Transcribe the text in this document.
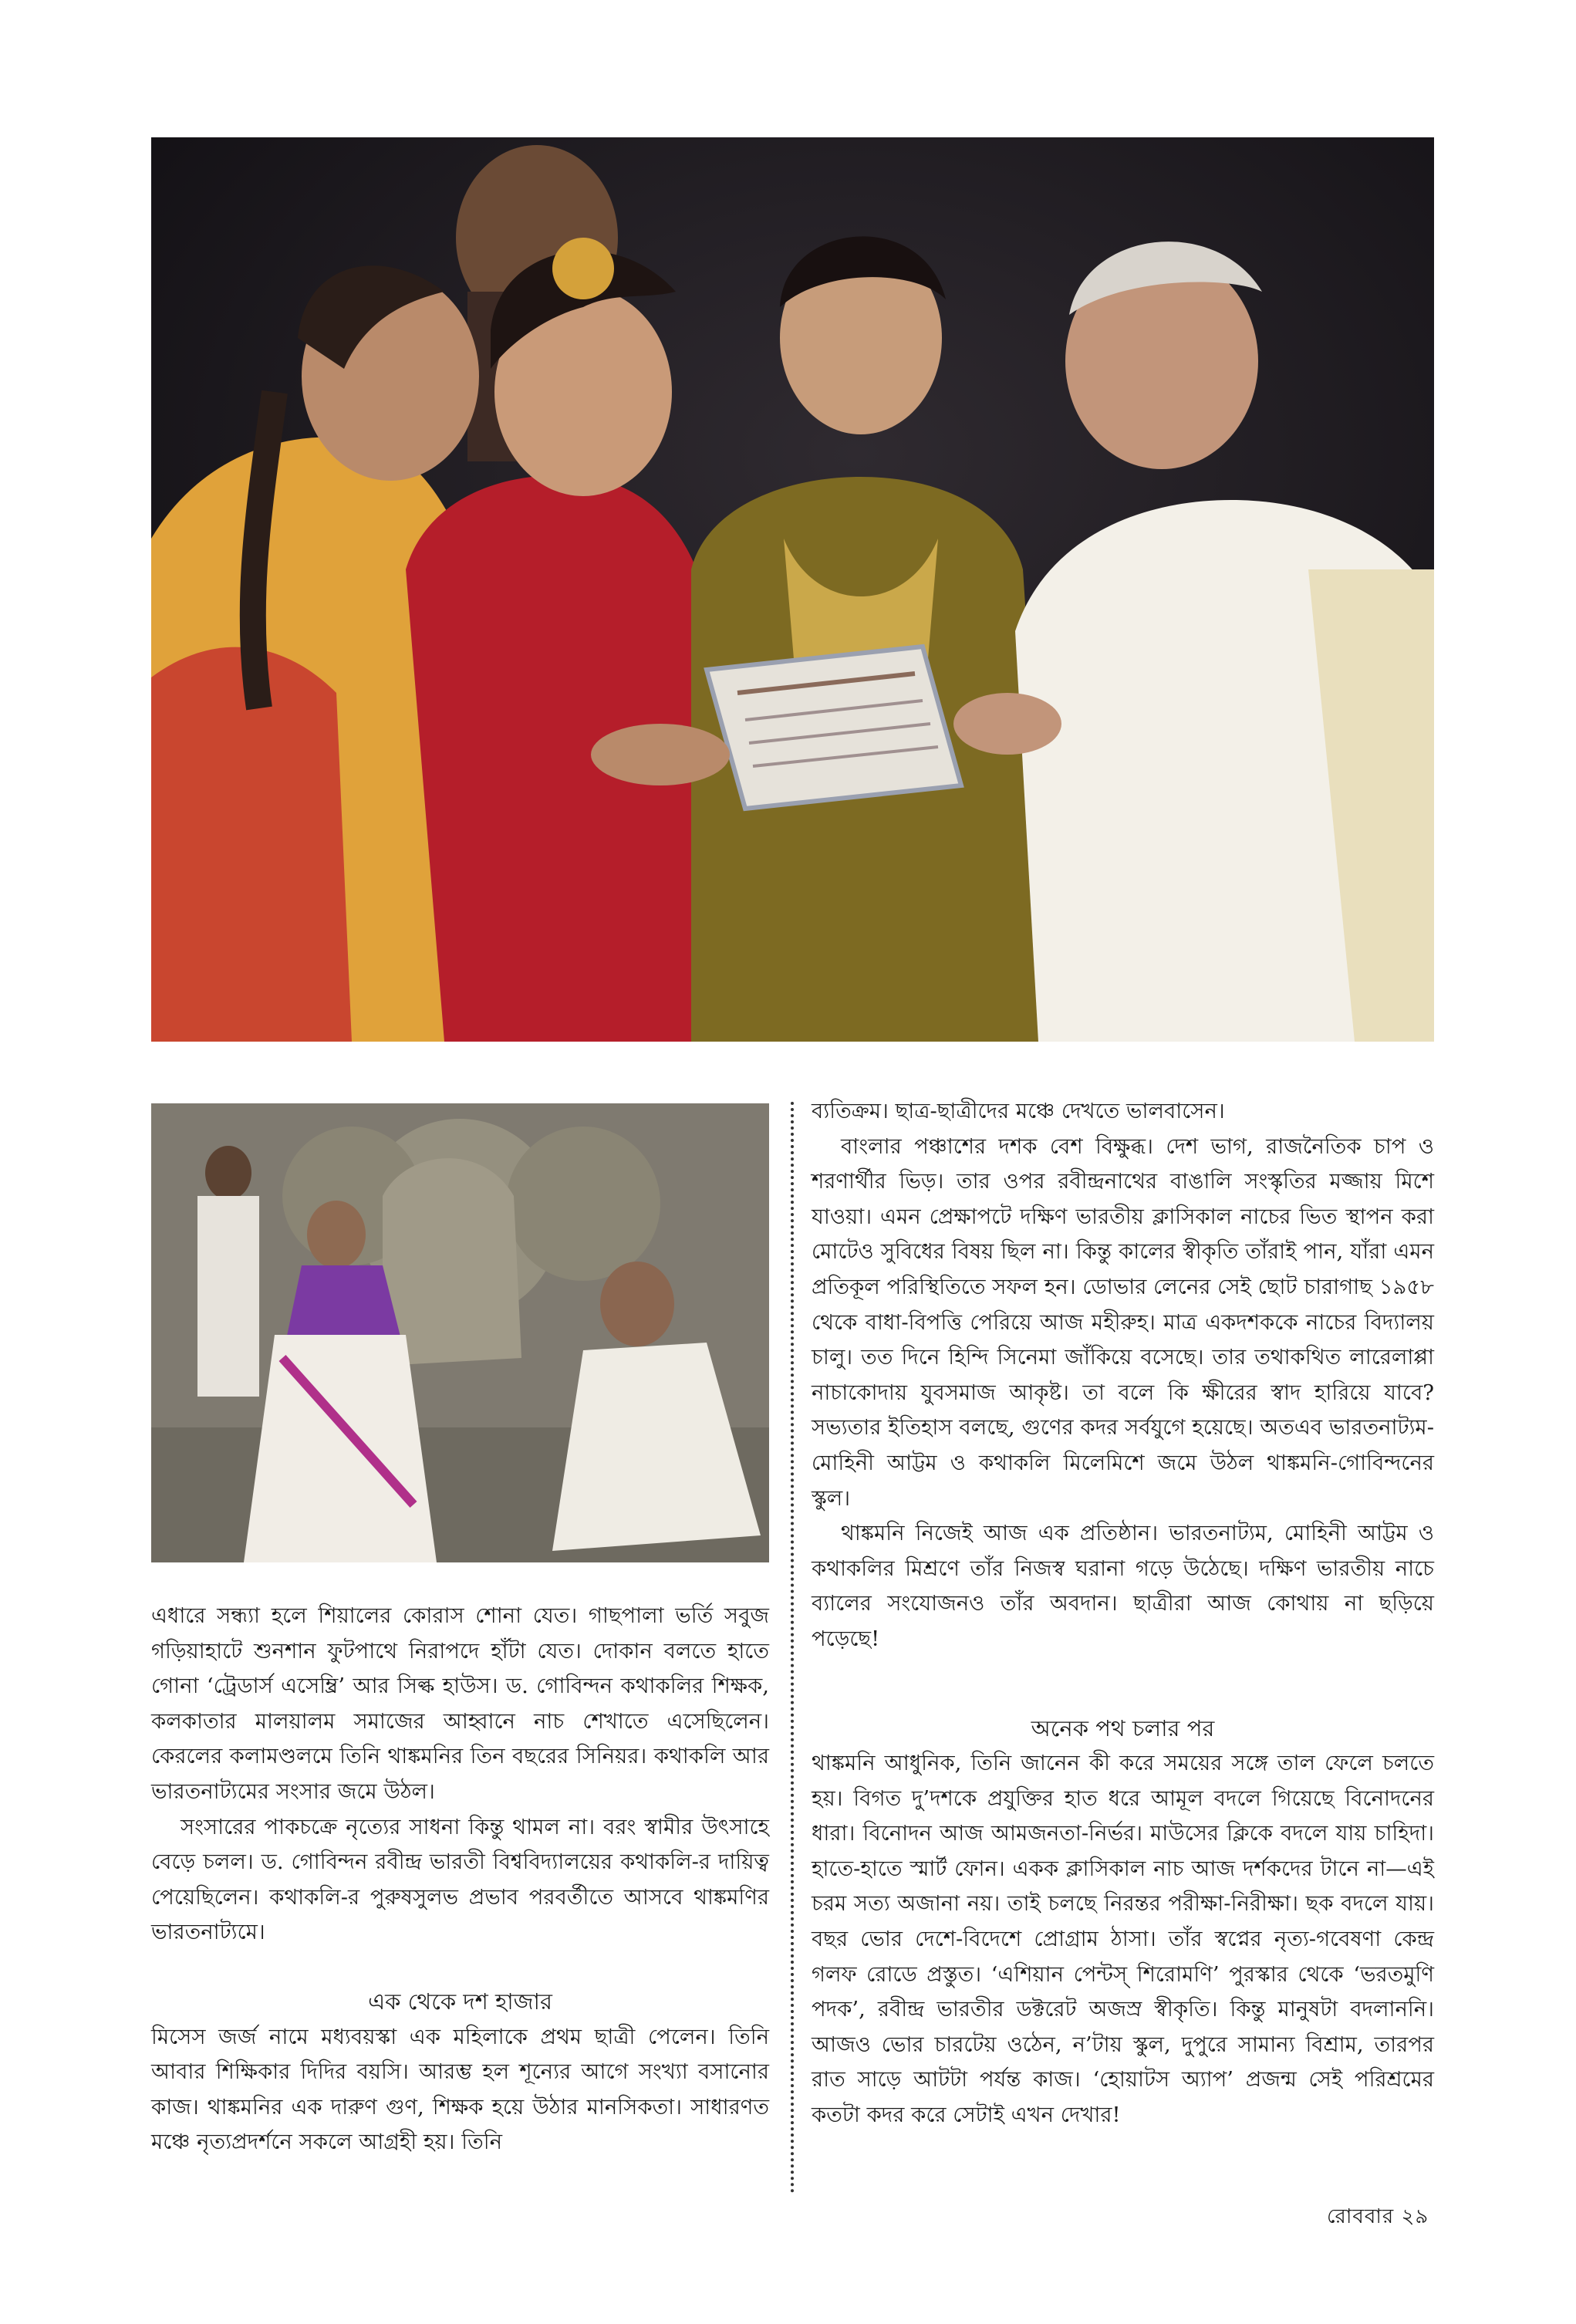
এধারে সন্ধ্যা হলে শিয়ালের কোরাস শোনা যেত। গাছপালা ভর্তি সবুজ গড়িয়াহাটে শুনশান ফুটপাথে নিরাপদে হাঁটা যেত। দোকান বলতে হাতে গোনা ‘ট্রেডার্স এসেম্ব্রি’ আর সিল্ক হাউস। ড. গোবিন্দন কথাকলির শিক্ষক, কলকাতার মালয়ালম সমাজের আহ্বানে নাচ শেখাতে এসেছিলেন। কেরলের কলামণ্ডলমে তিনি থাঙ্কমনির তিন বছরের সিনিয়র। কথাকলি আর ভারতনাট্যমের সংসার জমে উঠল।

সংসারের পাকচক্রে নৃত্যের সাধনা কিন্তু থামল না। বরং স্বামীর উৎসাহে বেড়ে চলল। ড. গোবিন্দন রবীন্দ্র ভারতী বিশ্ববিদ্যালয়ের কথাকলি-র দায়িত্ব পেয়েছিলেন। কথাকলি-র পুরুষসুলভ প্রভাব পরবর্তীতে আসবে থাঙ্কমণির ভারতনাট্যমে।

এক থেকে দশ হাজার

মিসেস জর্জ নামে মধ্যবয়স্কা এক মহিলাকে প্রথম ছাত্রী পেলেন। তিনি আবার শিক্ষিকার দিদির বয়সি। আরম্ভ হল শূন্যের আগে সংখ্যা বসানোর কাজ। থাঙ্কমনির এক দারুণ গুণ, শিক্ষক হয়ে উঠার মানসিকতা। সাধারণত মঞ্চে নৃত্যপ্রদর্শনে সকলে আগ্রহী হয়। তিনি

ব্যতিক্রম। ছাত্র-ছাত্রীদের মঞ্চে দেখতে ভালবাসেন।

বাংলার পঞ্চাশের দশক বেশ বিক্ষুব্ধ। দেশ ভাগ, রাজনৈতিক চাপ ও শরণার্থীর ভিড়। তার ওপর রবীন্দ্রনাথের বাঙালি সংস্কৃতির মজ্জায় মিশে যাওয়া। এমন প্রেক্ষাপটে দক্ষিণ ভারতীয় ক্লাসিকাল নাচের ভিত স্থাপন করা মোটেও সুবিধের বিষয় ছিল না। কিন্তু কালের স্বীকৃতি তাঁরাই পান, যাঁরা এমন প্রতিকূল পরিস্থিতিতে সফল হন। ডোভার লেনের সেই ছোট চারাগাছ ১৯৫৮ থেকে বাধা-বিপত্তি পেরিয়ে আজ মহীরুহ। মাত্র একদশককে নাচের বিদ্যালয় চালু। তত দিনে হিন্দি সিনেমা জাঁকিয়ে বসেছে। তার তথাকথিত লারেলাপ্পা নাচাকোদায় যুবসমাজ আকৃষ্ট। তা বলে কি ক্ষীরের স্বাদ হারিয়ে যাবে? সভ্যতার ইতিহাস বলছে, গুণের কদর সর্বযুগে হয়েছে। অতএব ভারতনাট্যম-মোহিনী আট্টম ও কথাকলি মিলেমিশে জমে উঠল থাঙ্কমনি-গোবিন্দনের স্কুল।

থাঙ্কমনি নিজেই আজ এক প্রতিষ্ঠান। ভারতনাট্যম, মোহিনী আট্টম ও কথাকলির মিশ্রণে তাঁর নিজস্ব ঘরানা গড়ে উঠেছে। দক্ষিণ ভারতীয় নাচে ব্যালের সংযোজনও তাঁর অবদান। ছাত্রীরা আজ কোথায় না ছড়িয়ে পড়েছে!

অনেক পথ চলার পর

থাঙ্কমনি আধুনিক, তিনি জানেন কী করে সময়ের সঙ্গে তাল ফেলে চলতে হয়। বিগত দু’দশকে প্রযুক্তির হাত ধরে আমূল বদলে গিয়েছে বিনোদনের ধারা। বিনোদন আজ আমজনতা-নির্ভর। মাউসের ক্লিকে বদলে যায় চাহিদা। হাতে-হাতে স্মার্ট ফোন। একক ক্লাসিকাল নাচ আজ দর্শকদের টানে না—এই চরম সত্য অজানা নয়। তাই চলছে নিরন্তর পরীক্ষা-নিরীক্ষা। ছক বদলে যায়। বছর ভোর দেশে-বিদেশে প্রোগ্রাম ঠাসা। তাঁর স্বপ্নের নৃত্য-গবেষণা কেন্দ্র গলফ রোডে প্রস্তুত। ‘এশিয়ান পেন্টস্ শিরোমণি’ পুরস্কার থেকে ‘ভরতমুণি পদক’, রবীন্দ্র ভারতীর ডক্টরেট অজস্র স্বীকৃতি। কিন্তু মানুষটা বদলাননি। আজও ভোর চারটেয় ওঠেন, ন’টায় স্কুল, দুপুরে সামান্য বিশ্রাম, তারপর রাত সাড়ে আটটা পর্যন্ত কাজ। ‘হোয়াটস অ্যাপ’ প্রজন্ম সেই পরিশ্রমের কতটা কদর করে সেটাই এখন দেখার!

রোববার ২৯
